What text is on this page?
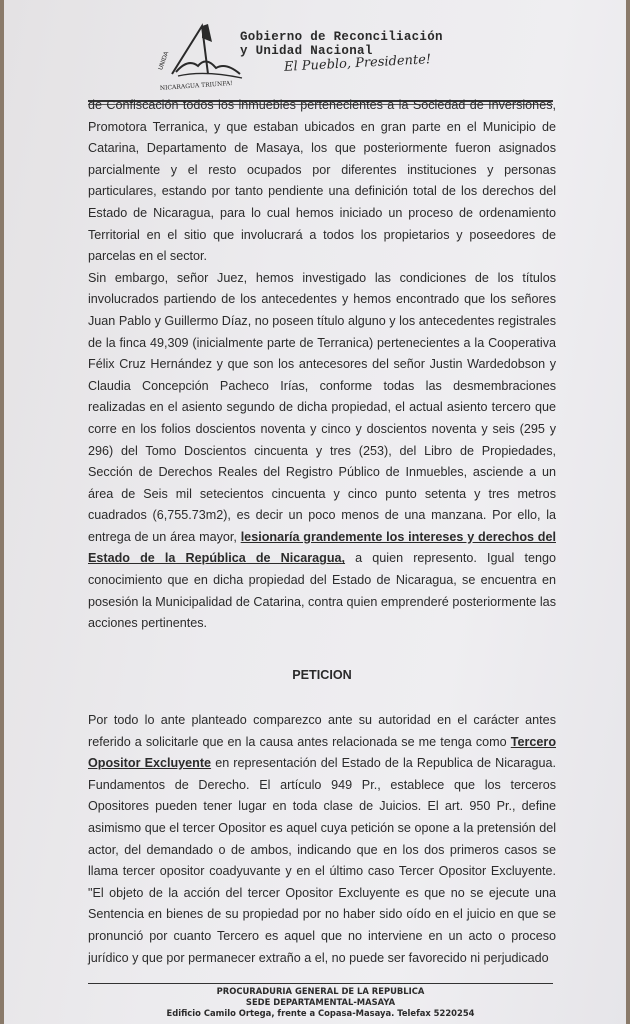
UNIDA
NICARAGUA TRIUNFA!
Gobierno de Reconciliación
y Unidad Nacional
El Pueblo, Presidente!

de Confiscación todos los inmuebles pertenecientes a la Sociedad de Inversiones, Promotora Terranica, y que estaban ubicados en gran parte en el Municipio de Catarina, Departamento de Masaya, los que posteriormente fueron asignados parcialmente y el resto ocupados por diferentes instituciones y personas particulares, estando por tanto pendiente una definición total de los derechos del Estado de Nicaragua, para lo cual hemos iniciado un proceso de ordenamiento Territorial en el sitio que involucrará a todos los propietarios y poseedores de parcelas en el sector.

Sin embargo, señor Juez, hemos investigado las condiciones de los títulos involucrados partiendo de los antecedentes y hemos encontrado que los señores Juan Pablo y Guillermo Díaz, no poseen título alguno y los antecedentes registrales de la finca 49,309 (inicialmente parte de Terranica) pertenecientes a la Cooperativa Félix Cruz Hernández y que son los antecesores del señor Justin Wardedobson y Claudia Concepción Pacheco Irías, conforme todas las desmembraciones realizadas en el asiento segundo de dicha propiedad, el actual asiento tercero que corre en los folios doscientos noventa y cinco y doscientos noventa y seis (295 y 296) del Tomo Doscientos cincuenta y tres (253), del Libro de Propiedades, Sección de Derechos Reales del Registro Público de Inmuebles, asciende a un área de Seis mil setecientos cincuenta y cinco punto setenta y tres metros cuadrados (6,755.73m2), es decir un poco menos de una manzana. Por ello, la entrega de un área mayor, lesionaría grandemente los intereses y derechos del Estado de la República de Nicaragua, a quien represento. Igual tengo conocimiento que en dicha propiedad del Estado de Nicaragua, se encuentra en posesión la Municipalidad de Catarina, contra quien emprenderé posteriormente las acciones pertinentes.

PETICION

Por todo lo ante planteado comparezco ante su autoridad en el carácter antes referido a solicitarle que en la causa antes relacionada se me tenga como Tercero Opositor Excluyente en representación del Estado de la Republica de Nicaragua. Fundamentos de Derecho. El artículo 949 Pr., establece que los terceros Opositores pueden tener lugar en toda clase de Juicios. El art. 950 Pr., define asimismo que el tercer Opositor es aquel cuya petición se opone a la pretensión del actor, del demandado o de ambos, indicando que en los dos primeros casos se llama tercer opositor coadyuvante y en el último caso Tercer Opositor Excluyente. "El objeto de la acción del tercer Opositor Excluyente es que no se ejecute una Sentencia en bienes de su propiedad por no haber sido oído en el juicio en que se pronunció por cuanto Tercero es aquel que no interviene en un acto o proceso jurídico y que por permanecer extraño a el, no puede ser favorecido ni perjudicado

PROCURADURIA GENERAL DE LA REPUBLICA
SEDE DEPARTAMENTAL-MASAYA
Edificio Camilo Ortega, frente a Copasa-Masaya. Telefax 5220254
